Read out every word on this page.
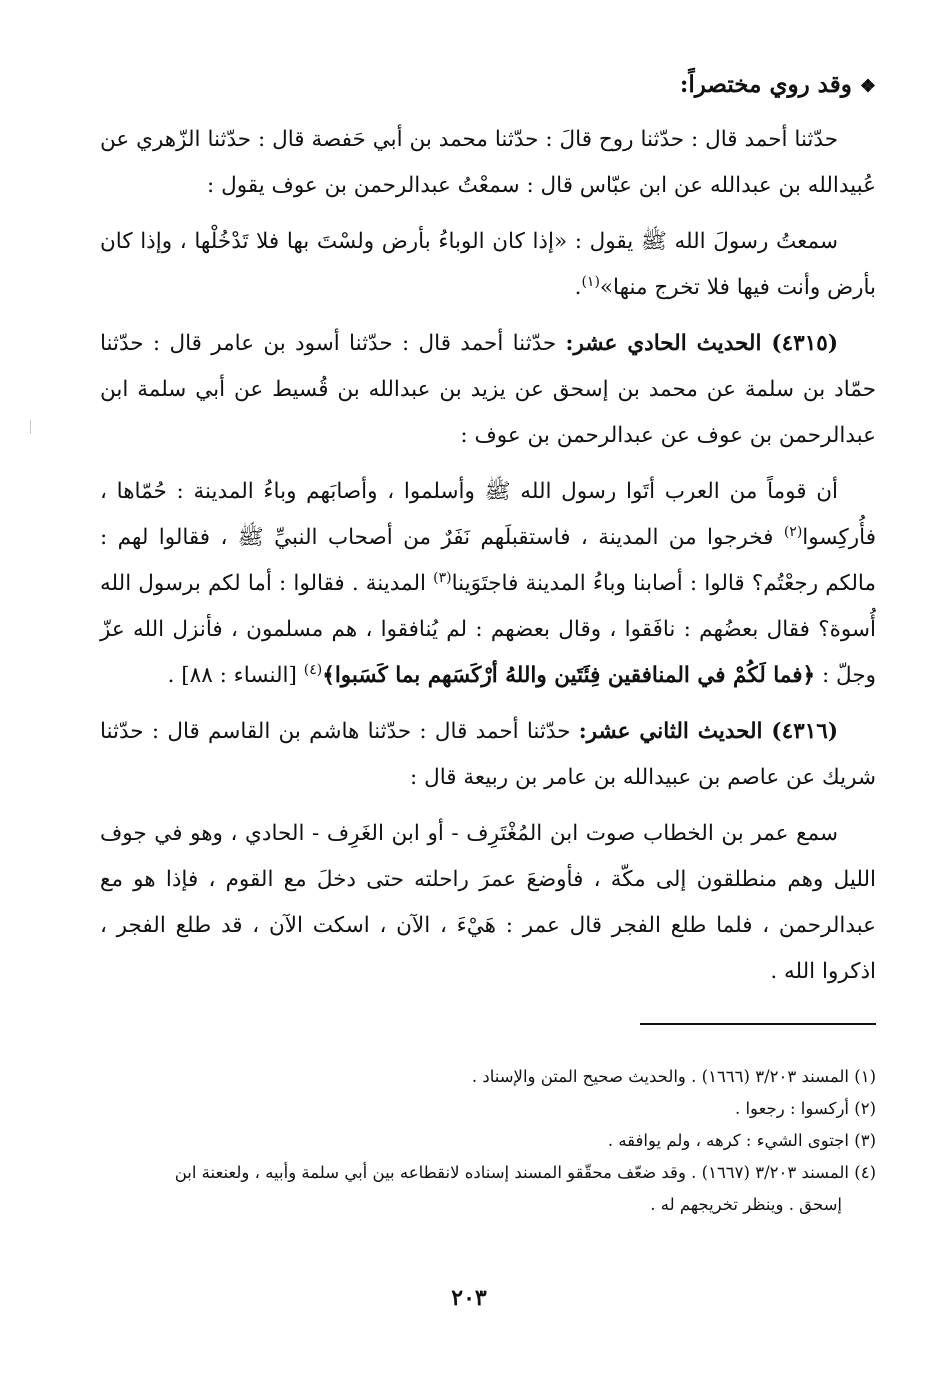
❖وقد روي مختصراً:

حدّثنا أحمد قال : حدّثنا روح قالَ : حدّثنا محمد بن أبي حَفصة قال : حدّثنا الزّهري عن عُبيدالله بن عبدالله عن ابن عبّاس قال : سمعْتُ عبدالرحمن بن عوف يقول :

سمعتُ رسولَ الله ﷺ يقول : «إذا كان الوباءُ بأرض ولسْتَ بها فلا تَدْخُلْها ، وإذا كان بأرض وأنت فيها فلا تخرج منها»$^{(١)}$.

(٤٣١٥) الحديث الحادي عشر: حدّثنا أحمد قال : حدّثنا أسود بن عامر قال : حدّثنا حمّاد بن سلمة عن محمد بن إسحق عن يزيد بن عبدالله بن قُسيط عن أبي سلمة ابن عبدالرحمن بن عوف عن عبدالرحمن بن عوف :

أن قوماً من العرب أتَوا رسول الله ﷺ وأسلموا ، وأصابَهم وباءُ المدينة : حُمّاها ، فأُركِسوا$^{(٢)}$ فخرجوا من المدينة ، فاستقبلَهم نَفَرٌ من أصحاب النبيِّ ﷺ ، فقالوا لهم : مالكم رجعْتُم؟ قالوا : أصابنا وباءُ المدينة فاجتَوَينا$^{(٣)}$ المدينة . فقالوا : أما لكم برسول الله أُسوة؟ فقال بعضُهم : نافَقوا ، وقال بعضهم : لم يُنافقوا ، هم مسلمون ، فأنزل الله عزّ وجلّ : ﴿فما لَكُمْ في المنافقين فِئَتَين واللهُ أرْكَسَهم بما كَسَبوا﴾$^{(٤)}$ [النساء : ٨٨] .

(٤٣١٦) الحديث الثاني عشر: حدّثنا أحمد قال : حدّثنا هاشم بن القاسم قال : حدّثنا شريك عن عاصم بن عبيدالله بن عامر بن ربيعة قال :

سمع عمر بن الخطاب صوت ابن المُغْتَرِف - أو ابن الغَرِف - الحادي ، وهو في جوف الليل وهم منطلقون إلى مكّة ، فأوضعَ عمرَ راحلته حتى دخلَ مع القوم ، فإذا هو مع عبدالرحمن ، فلما طلع الفجر قال عمر : هَيْءَ ، الآن ، اسكت الآن ، قد طلع الفجر ، اذكروا الله .

(١) المسند ٣/٢٠٣ (١٦٦٦) . والحديث صحيح المتن والإسناد .

(٢) أركسوا : رجعوا .

(٣) اجتوى الشيء : كرهه ، ولم يوافقه .

(٤) المسند ٣/٢٠٣ (١٦٦٧) . وقد ضعّف محقّقو المسند إسناده لانقطاعه بين أبي سلمة وأبيه ، ولعنعنة ابن

إسحق . وينظر تخريجهم له .

٢٠٣
